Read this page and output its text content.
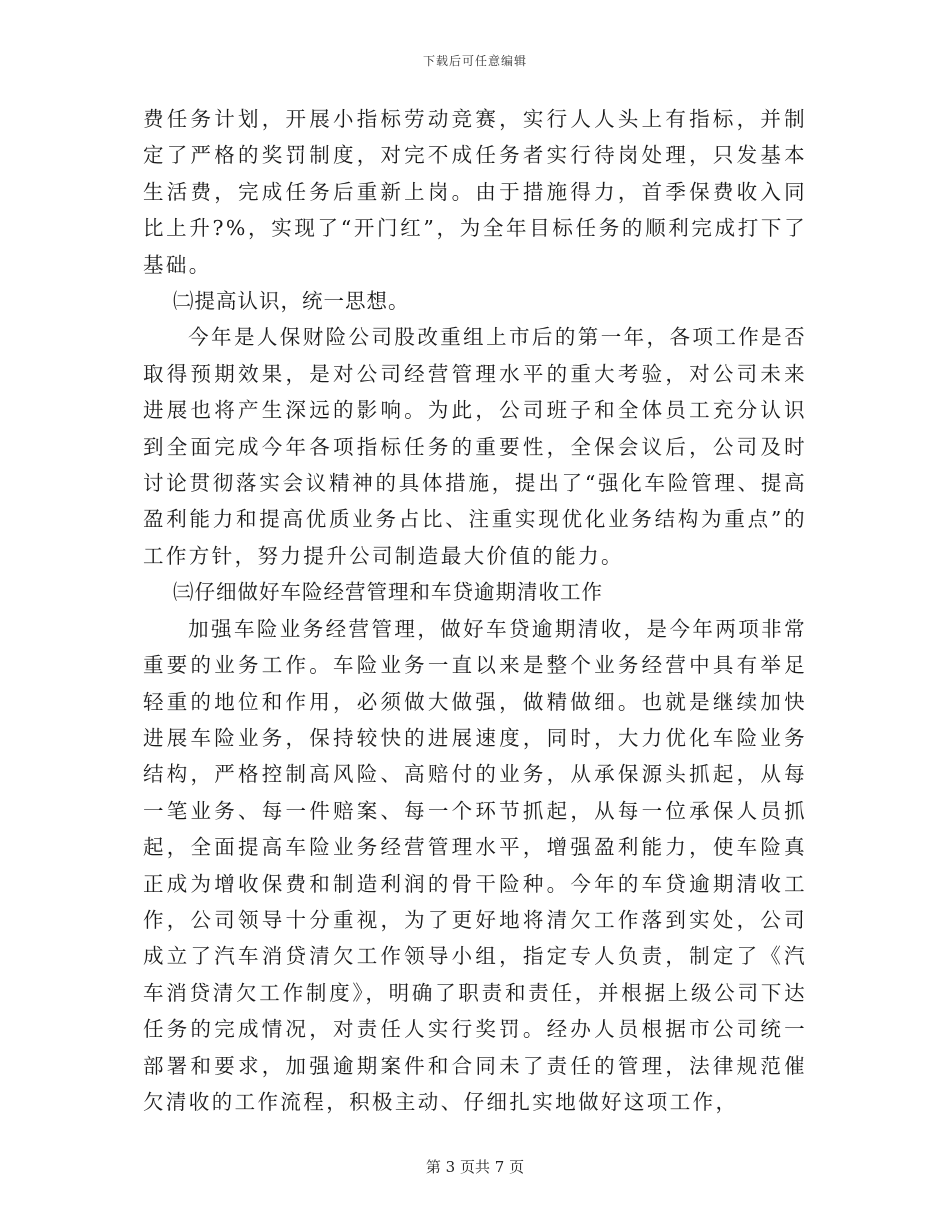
下载后可任意编辑

费任务计划，开展小指标劳动竞赛，实行人人头上有指标，并制定了严格的奖罚制度，对完不成任务者实行待岗处理，只发基本生活费，完成任务后重新上岗。由于措施得力，首季保费收入同比上升?%，实现了“开门红”，为全年目标任务的顺利完成打下了基础。

㈡提高认识，统一思想。

今年是人保财险公司股改重组上市后的第一年，各项工作是否取得预期效果，是对公司经营管理水平的重大考验，对公司未来进展也将产生深远的影响。为此，公司班子和全体员工充分认识到全面完成今年各项指标任务的重要性，全保会议后，公司及时讨论贯彻落实会议精神的具体措施，提出了“强化车险管理、提高盈利能力和提高优质业务占比、注重实现优化业务结构为重点”的工作方针，努力提升公司制造最大价值的能力。

㈢仔细做好车险经营管理和车贷逾期清收工作

加强车险业务经营管理，做好车贷逾期清收，是今年两项非常重要的业务工作。车险业务一直以来是整个业务经营中具有举足轻重的地位和作用，必须做大做强，做精做细。也就是继续加快进展车险业务，保持较快的进展速度，同时，大力优化车险业务结构，严格控制高风险、高赔付的业务，从承保源头抓起，从每一笔业务、每一件赔案、每一个环节抓起，从每一位承保人员抓起，全面提高车险业务经营管理水平，增强盈利能力，使车险真正成为增收保费和制造利润的骨干险种。今年的车贷逾期清收工作，公司领导十分重视，为了更好地将清欠工作落到实处，公司成立了汽车消贷清欠工作领导小组，指定专人负责，制定了《汽车消贷清欠工作制度》，明确了职责和责任，并根据上级公司下达任务的完成情况，对责任人实行奖罚。经办人员根据市公司统一部署和要求，加强逾期案件和合同未了责任的管理，法律规范催欠清收的工作流程，积极主动、仔细扎实地做好这项工作，

第 3 页共 7 页
